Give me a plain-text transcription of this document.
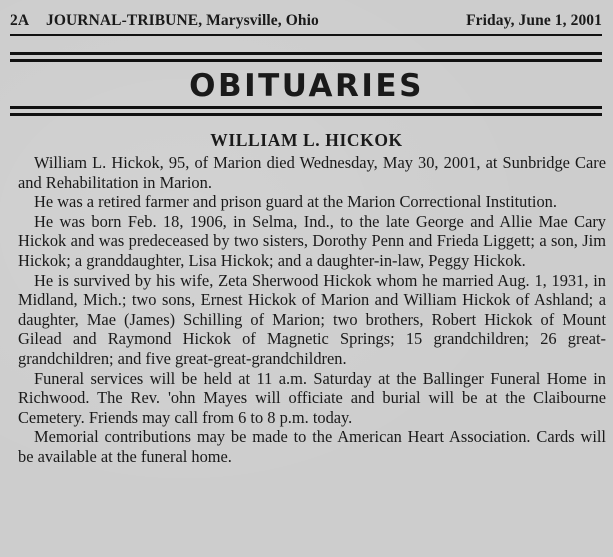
2A	JOURNAL-TRIBUNE, Marysville, Ohio	Friday, June 1, 2001
OBITUARIES
WILLIAM L. HICKOK

William L. Hickok, 95, of Marion died Wednesday, May 30, 2001, at Sunbridge Care and Rehabilitation in Marion.

He was a retired farmer and prison guard at the Marion Correctional Institution.

He was born Feb. 18, 1906, in Selma, Ind., to the late George and Allie Mae Cary Hickok and was predeceased by two sisters, Dorothy Penn and Frieda Liggett; a son, Jim Hickok; a granddaughter, Lisa Hickok; and a daughter-in-law, Peggy Hickok.

He is survived by his wife, Zeta Sherwood Hickok whom he married Aug. 1, 1931, in Midland, Mich.; two sons, Ernest Hickok of Marion and William Hickok of Ashland; a daughter, Mae (James) Schilling of Marion; two brothers, Robert Hickok of Mount Gilead and Raymond Hickok of Magnetic Springs; 15 grandchildren; 26 great-grandchildren; and five great-great-grandchildren.

Funeral services will be held at 11 a.m. Saturday at the Ballinger Funeral Home in Richwood. The Rev. 'ohn Mayes will officiate and burial will be at the Claibourne Cemetery. Friends may call from 6 to 8 p.m. today.

Memorial contributions may be made to the American Heart Association. Cards will be available at the funeral home.
